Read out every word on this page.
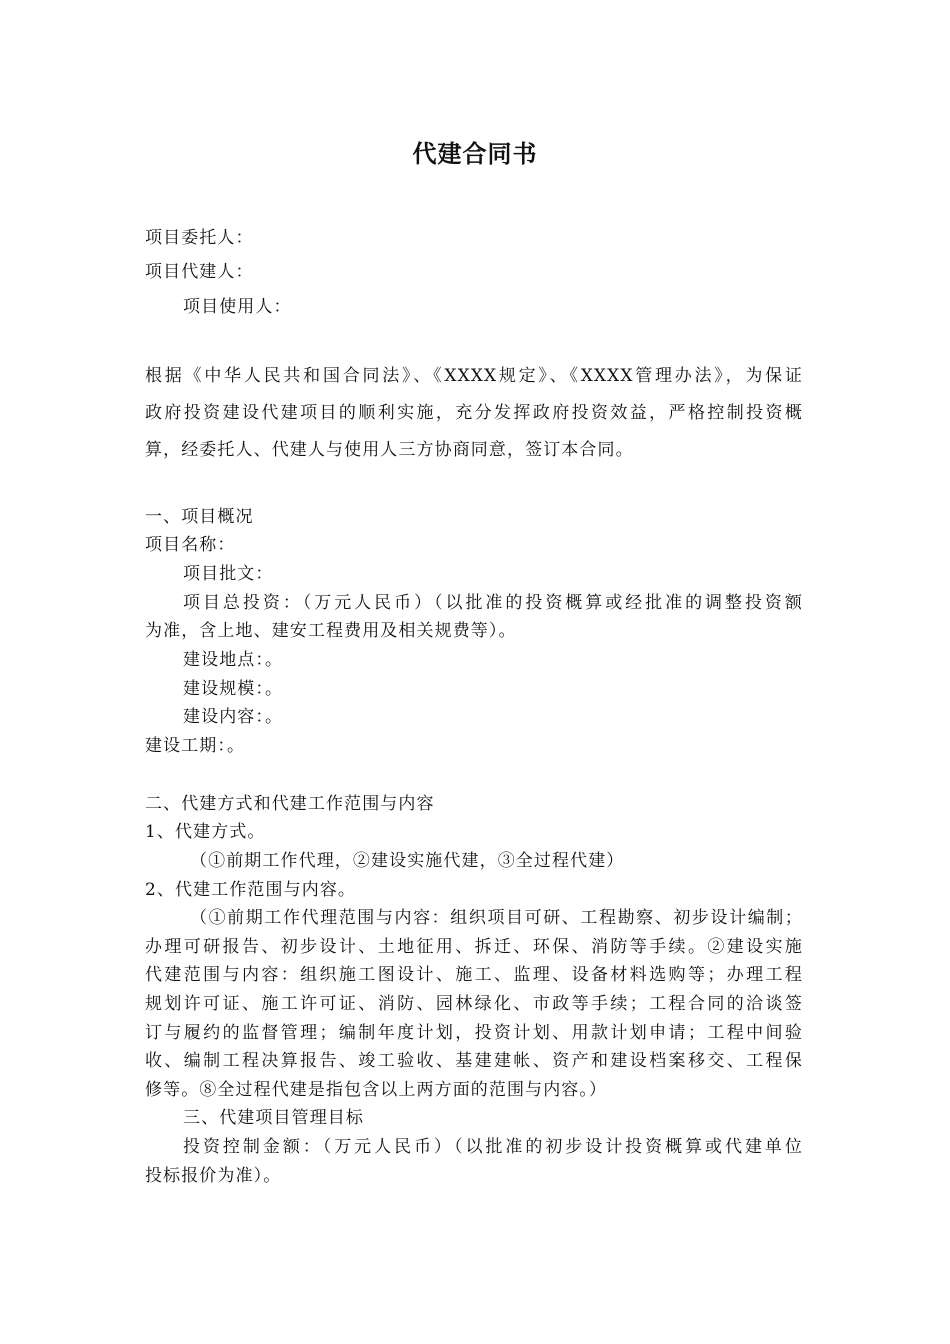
代建合同书
项目委托人：
项目代建人：
项目使用人：
根据《中华人民共和国合同法》、《XXXX规定》、《XXXX管理办法》，为保证
政府投资建设代建项目的顺利实施，充分发挥政府投资效益，严格控制投资概
算，经委托人、代建人与使用人三方协商同意，签订本合同。
一、项目概况
项目名称：
项目批文：
项目总投资：（万元人民币）（以批准的投资概算或经批准的调整投资额
为准，含上地、建安工程费用及相关规费等）。
建设地点：。
建设规模：。
建设内容：。
建设工期：。
二、代建方式和代建工作范围与内容
1、代建方式。
（①前期工作代理，②建设实施代建，③全过程代建）
2、代建工作范围与内容。
（①前期工作代理范围与内容：组织项目可研、工程勘察、初步设计编制；
办理可研报告、初步设计、土地征用、拆迁、环保、消防等手续。②建设实施
代建范围与内容：组织施工图设计、施工、监理、设备材料选购等；办理工程
规划许可证、施工许可证、消防、园林绿化、市政等手续；工程合同的洽谈签
订与履约的监督管理；编制年度计划，投资计划、用款计划申请；工程中间验
收、编制工程决算报告、竣工验收、基建建帐、资产和建设档案移交、工程保
修等。⑧全过程代建是指包含以上两方面的范围与内容。）
三、代建项目管理目标
投资控制金额：（万元人民币）（以批准的初步设计投资概算或代建单位
投标报价为准）。
